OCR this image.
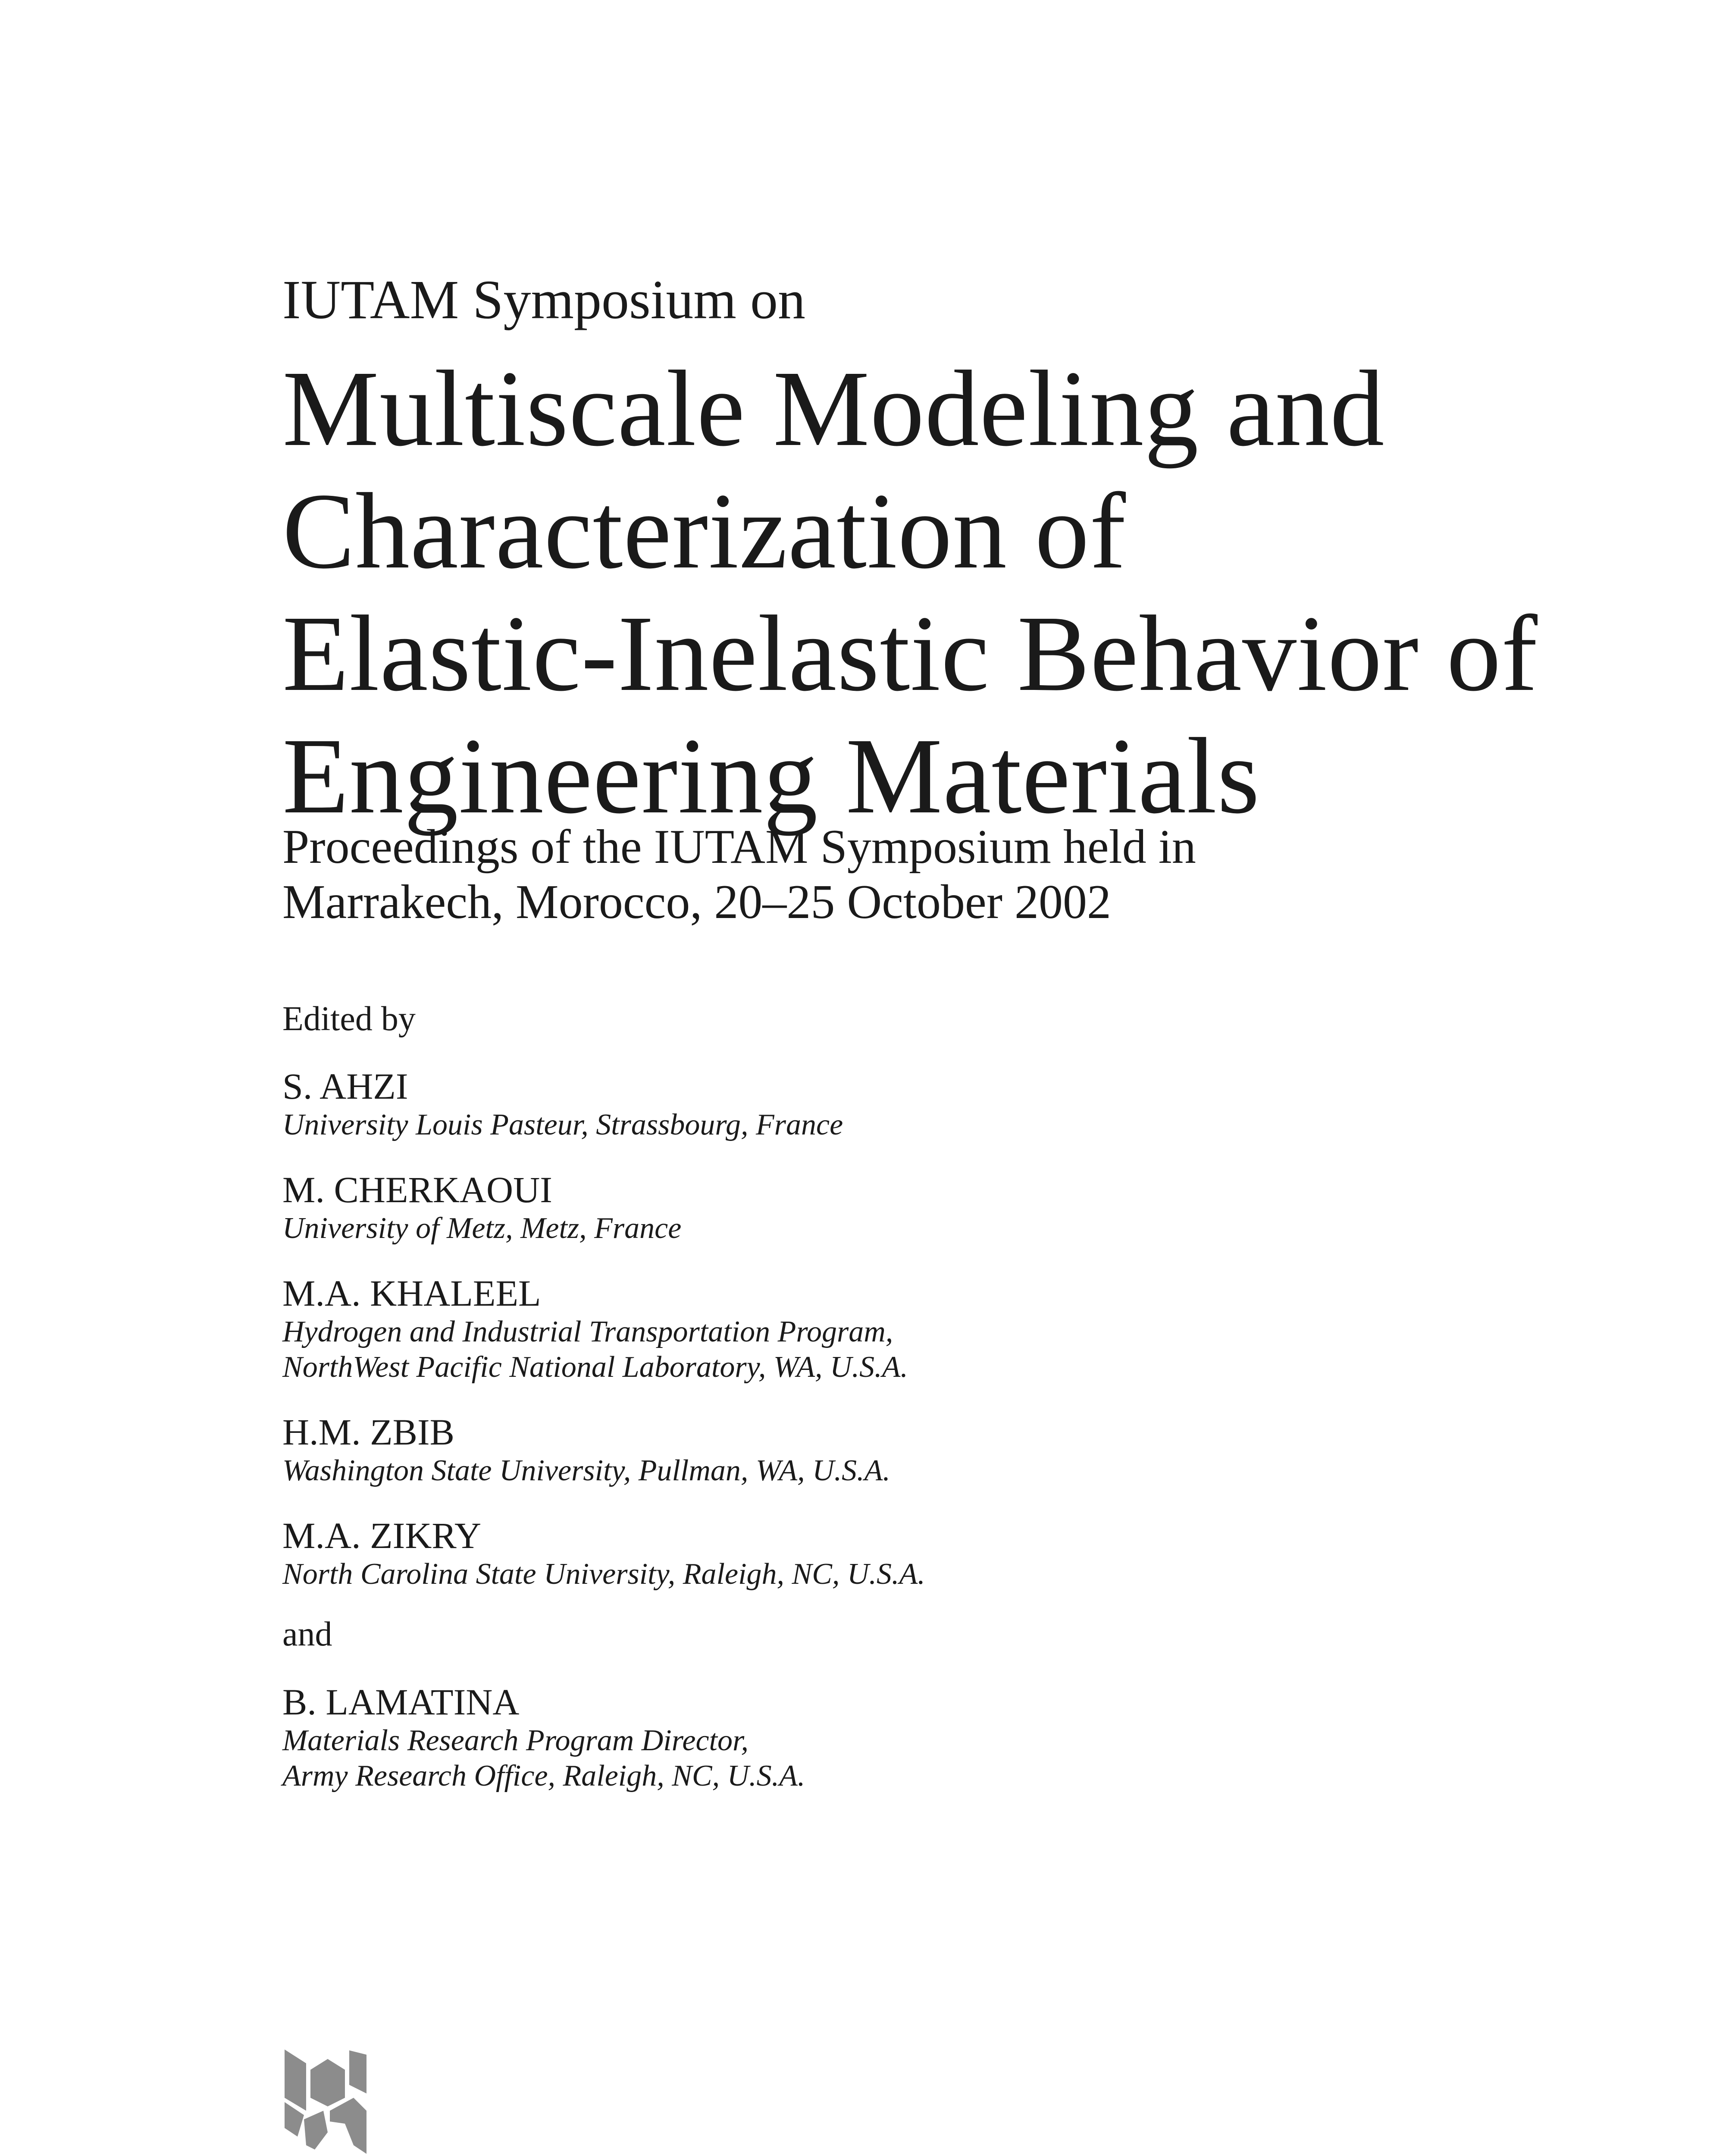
IUTAM Symposium on
Multiscale Modeling and
Characterization of
Elastic-Inelastic Behavior of
Engineering Materials
Proceedings of the IUTAM Symposium held in
Marrakech, Morocco, 20–25 October 2002
Edited by
S. AHZI
University Louis Pasteur, Strassbourg, France
M. CHERKAOUI
University of Metz, Metz, France
M.A. KHALEEL
Hydrogen and Industrial Transportation Program,
NorthWest Pacific National Laboratory, WA, U.S.A.
H.M. ZBIB
Washington State University, Pullman, WA, U.S.A.
M.A. ZIKRY
North Carolina State University, Raleigh, NC, U.S.A.
and
B. LAMATINA
Materials Research Program Director,
Army Research Office, Raleigh, NC, U.S.A.
